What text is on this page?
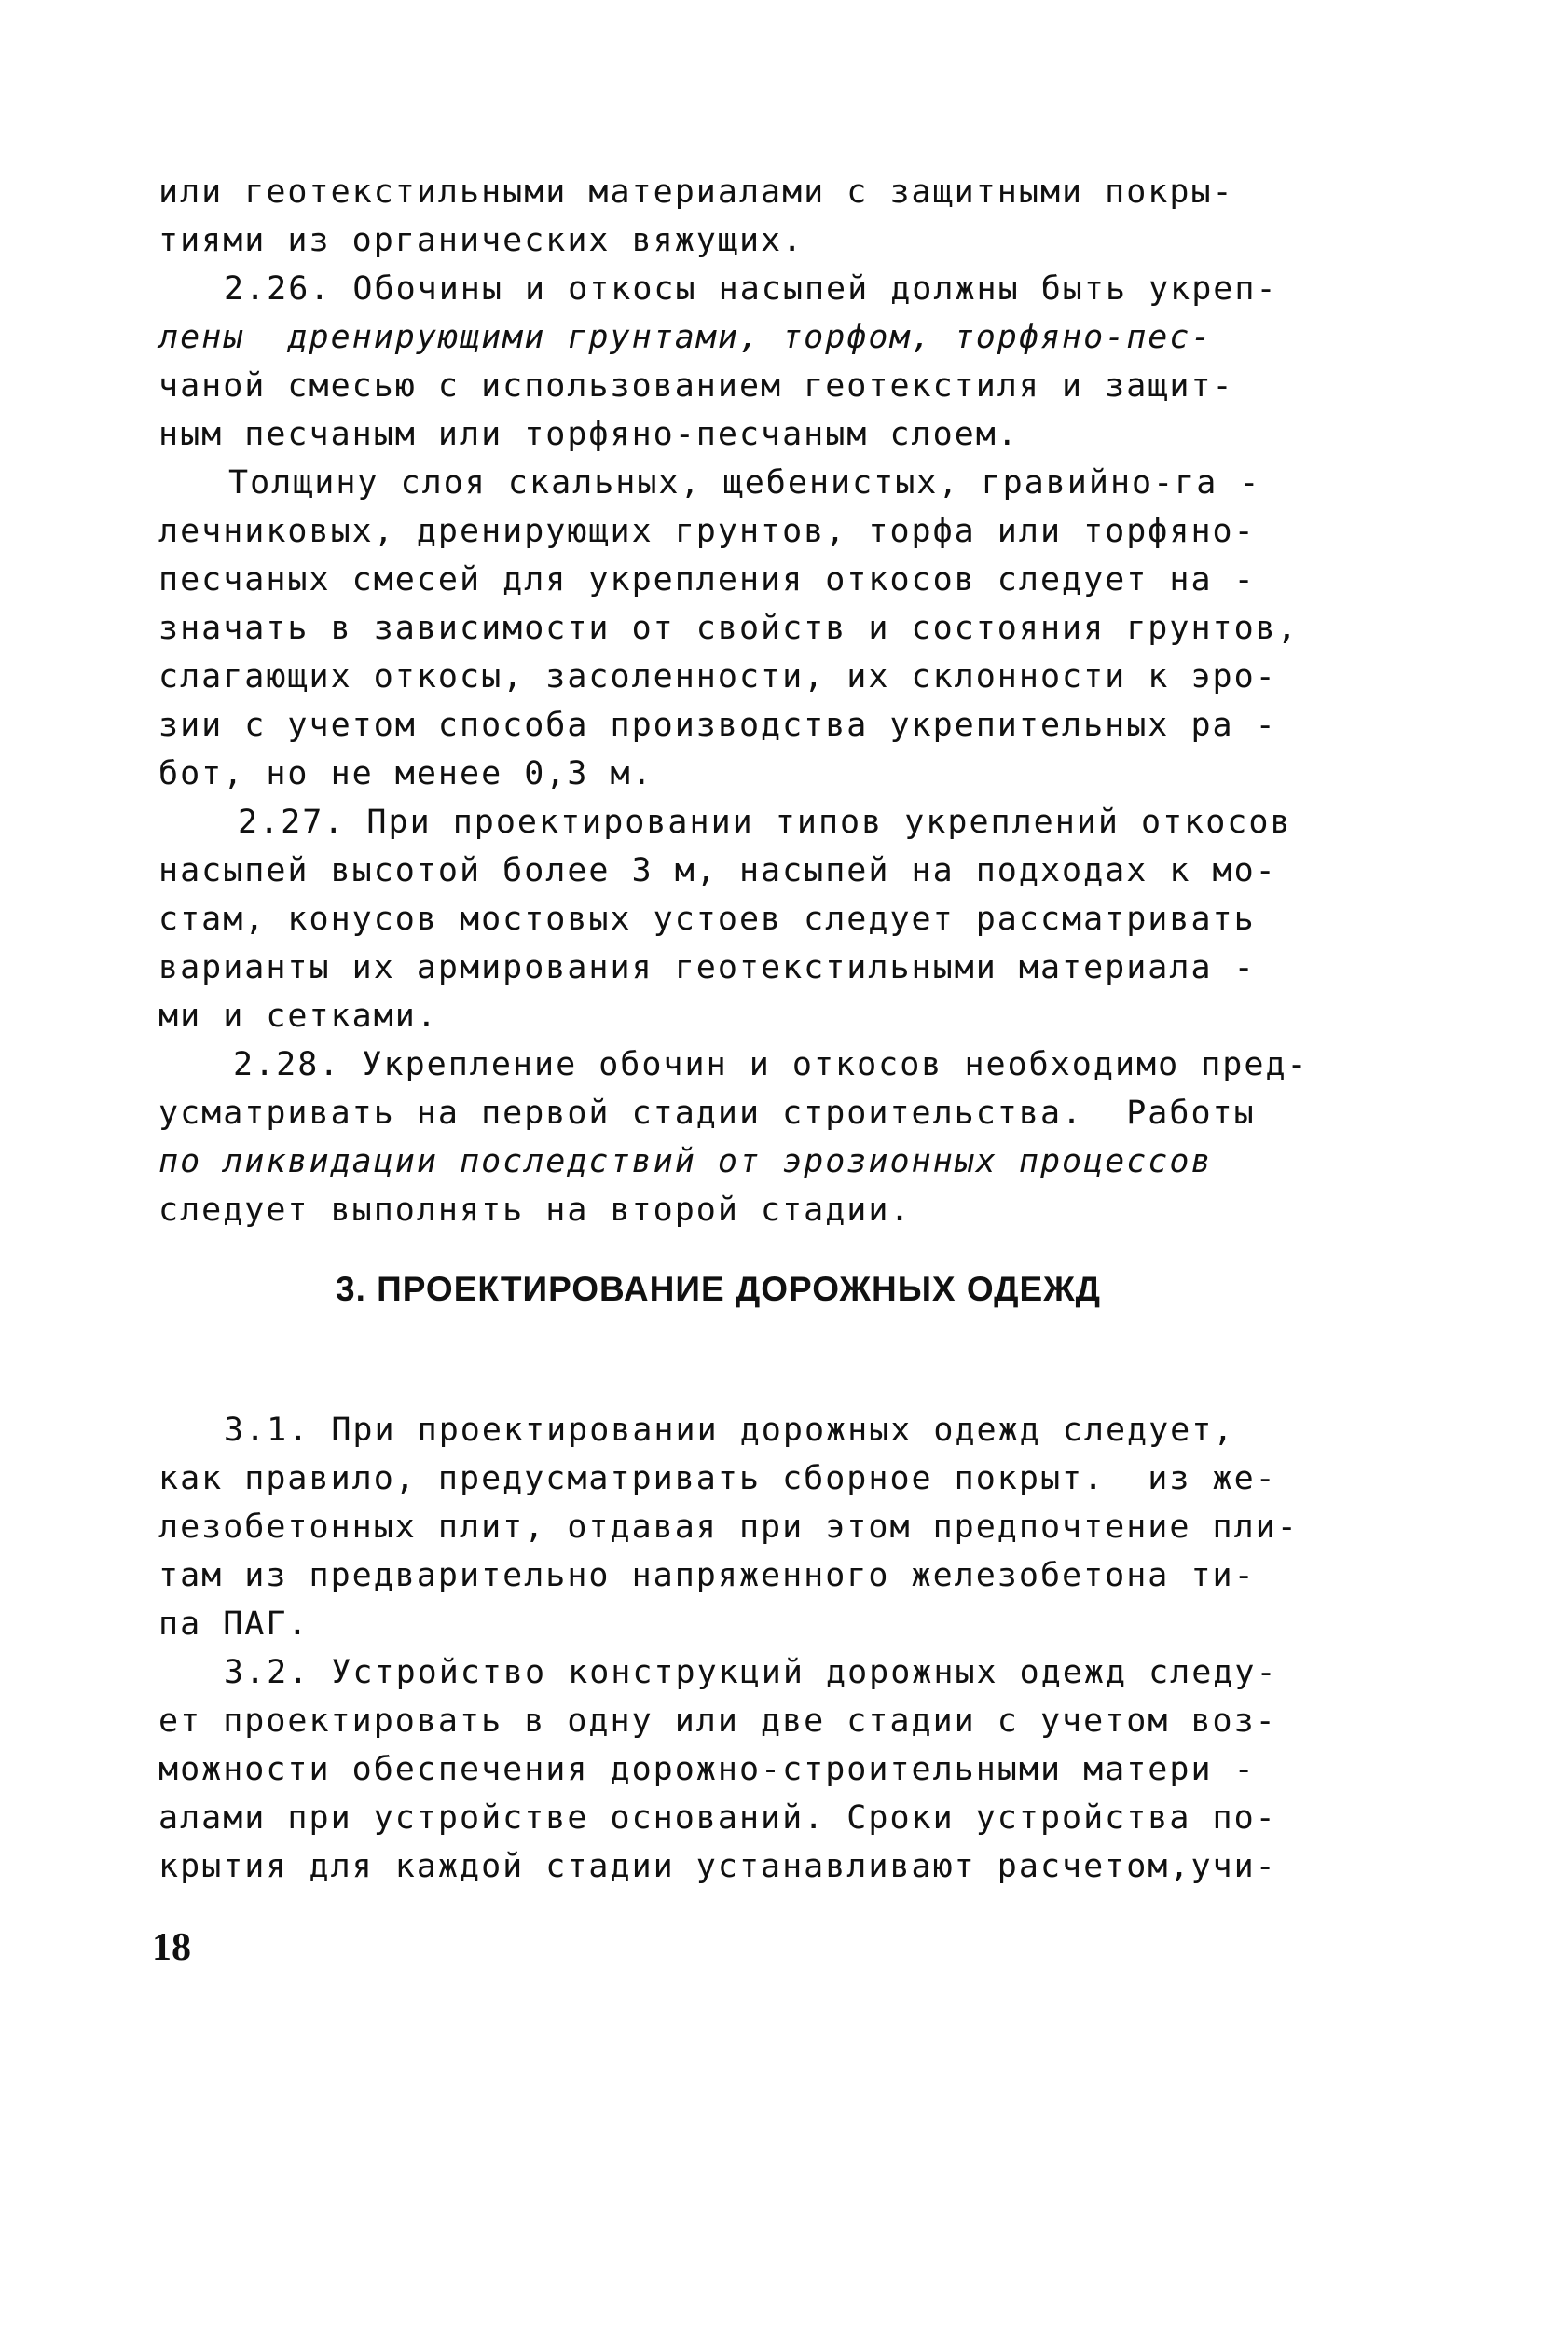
или геотекстильными материалами с защитными покры-
тиями из органических вяжущих.
2.26. Обочины и откосы насыпей должны быть укреп-
лены  дренирующими грунтами, торфом, торфяно-пес-
чаной смесью с использованием геотекстиля и защит-
ным песчаным или торфяно-песчаным слоем.
Толщину слоя скальных, щебенистых, гравийно-га -
лечниковых, дренирующих грунтов, торфа или торфяно-
песчаных смесей для укрепления откосов следует на -
значать в зависимости от свойств и состояния грунтов,
слагающих откосы, засоленности, их склонности к эро-
зии с учетом способа производства укрепительных ра -
бот, но не менее 0,3 м.
2.27. При проектировании типов укреплений откосов
насыпей высотой более 3 м, насыпей на подходах к мо-
стам, конусов мостовых устоев следует рассматривать
варианты их армирования геотекстильными материала -
ми и сетками.
2.28. Укрепление обочин и откосов необходимо пред-
усматривать на первой стадии строительства.  Работы
по ликвидации последствий от эрозионных процессов
следует выполнять на второй стадии.
3. ПРОЕКТИРОВАНИЕ ДОРОЖНЫХ ОДЕЖД
3.1. При проектировании дорожных одежд следует,
как правило, предусматривать сборное покрыт.  из же-
лезобетонных плит, отдавая при этом предпочтение пли-
там из предварительно напряженного железобетона ти-
па ПАГ.
3.2. Устройство конструкций дорожных одежд следу-
ет проектировать в одну или две стадии с учетом воз-
можности обеспечения дорожно-строительными матери -
алами при устройстве оснований. Сроки устройства по-
крытия для каждой стадии устанавливают расчетом,учи-
18
